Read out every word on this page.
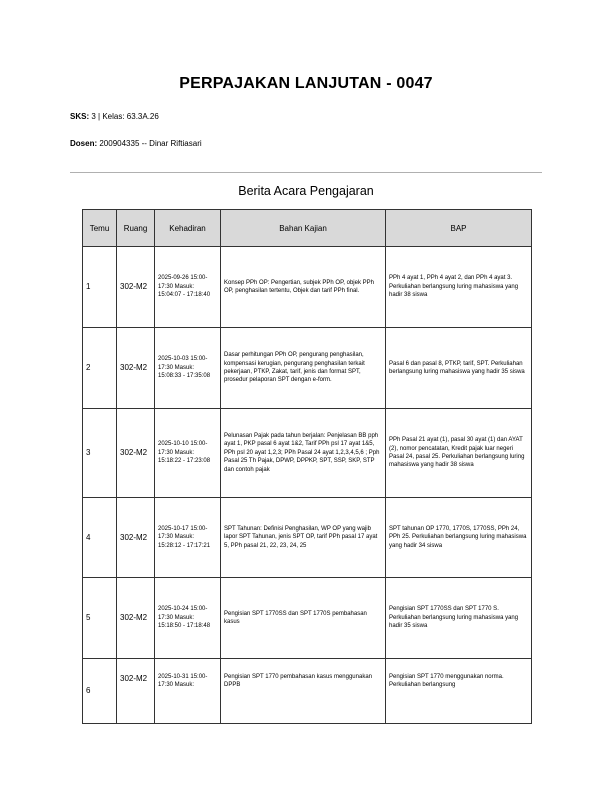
PERPAJAKAN LANJUTAN - 0047
SKS: 3 | Kelas: 63.3A.26
Dosen: 200904335 -- Dinar Riftiasari
Berita Acara Pengajaran
Temu	Ruang	Kehadiran	Bahan Kajian	BAP
1	302-M2	2025-09-26 15:00-17:30 Masuk: 15:04:07 - 17:18:40	Konsep PPh OP: Pengertian, subjek PPh OP, objek PPh OP, penghasilan tertentu, Objek dan tarif PPh final.	PPh 4 ayat 1, PPh 4 ayat 2, dan PPh 4 ayat 3. Perkuliahan berlangsung luring mahasiswa yang hadir 38 siswa
2	302-M2	2025-10-03 15:00-17:30 Masuk: 15:08:33 - 17:35:08	Dasar perhitungan PPh OP, pengurang penghasilan, kompensasi kerugian, pengurang penghasilan terkait pekerjaan, PTKP, Zakat, tarif, jenis dan format SPT, prosedur pelaporan SPT dengan e-form.	Pasal 6 dan pasal 8, PTKP, tarif, SPT. Perkuliahan berlangsung luring mahasiswa yang hadir 35 siswa
3	302-M2	2025-10-10 15:00-17:30 Masuk: 15:18:22 - 17:23:08	Pelunasan Pajak pada tahun berjalan: Penjelasan BB pph ayat 1, PKP pasal 6 ayat 1&2, Tarif PPh psl 17 ayat 1&5, PPh psl 20 ayat 1,2,3; PPh Pasal 24 ayat 1,2,3,4,5,6 ; Pph Pasal 25 Th Pajak, DPWP, DPPKP, SPT, SSP, SKP, STP dan contoh pajak	PPh Pasal 21 ayat (1), pasal 30 ayat (1) dan AYAT (2), nomor pencatatan, Kredit pajak luar negeri Pasal 24, pasal 25. Perkuliahan berlangsung luring mahasiswa yang hadir 38 siswa
4	302-M2	2025-10-17 15:00-17:30 Masuk: 15:28:12 - 17:17:21	SPT Tahunan: Definisi Penghasilan, WP OP yang wajib lapor SPT Tahunan, jenis SPT OP, tarif PPh pasal 17 ayat 5, PPh pasal 21, 22, 23, 24, 25	SPT tahunan OP 1770, 1770S, 1770SS, PPh 24, PPh 25. Perkuliahan berlangsung luring mahasiswa yang hadir 34 siswa
5	302-M2	2025-10-24 15:00-17:30 Masuk: 15:18:50 - 17:18:48	Pengisian SPT 1770SS dan SPT 1770S pembahasan kasus	Pengisian SPT 1770SS dan SPT 1770 S. Perkuliahan berlangsung luring mahasiswa yang hadir 35 siswa
6	302-M2	2025-10-31 15:00-17:30 Masuk:	Pengisian SPT 1770 pembahasan kasus menggunakan DPPB	Pengisian SPT 1770 menggunakan norma. Perkuliahan berlangsung
